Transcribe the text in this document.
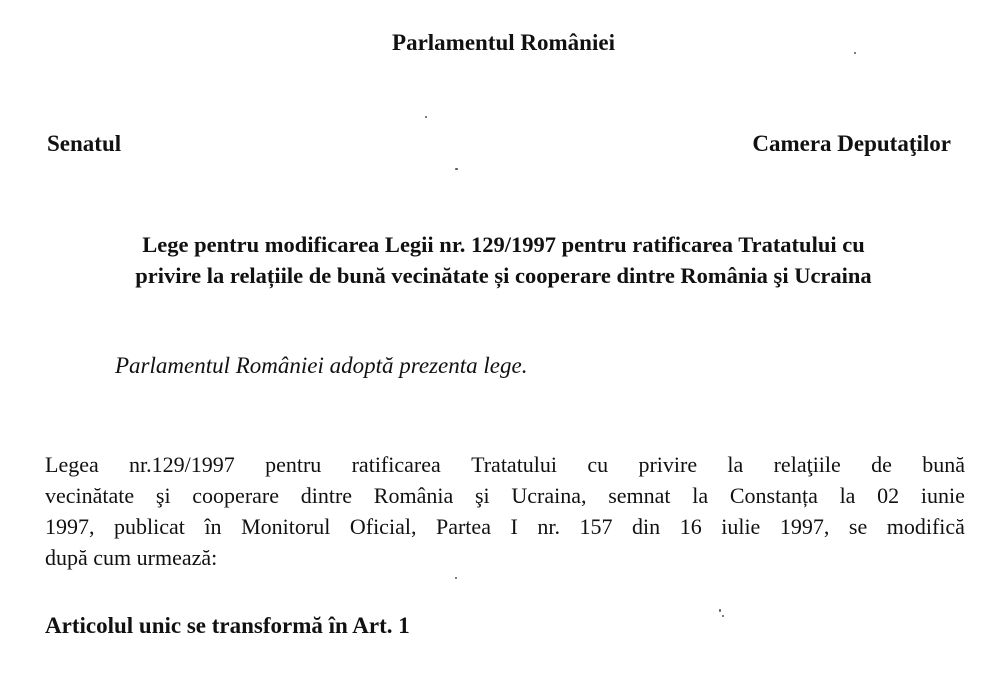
Parlamentul României
Senatul	Camera Deputaţilor
Lege pentru modificarea Legii nr. 129/1997 pentru ratificarea Tratatului cu
privire la relațiile de bună vecinătate și cooperare dintre România şi Ucraina
Parlamentul României adoptă prezenta lege.
Legea nr.129/1997 pentru ratificarea Tratatului cu privire la relaţiile de bună
vecinătate şi cooperare dintre România şi Ucraina, semnat la Constanța la 02 iunie
1997, publicat în Monitorul Oficial, Partea I nr. 157 din 16 iulie 1997, se modifică
după cum urmează:
Articolul unic se transformă în Art. 1
